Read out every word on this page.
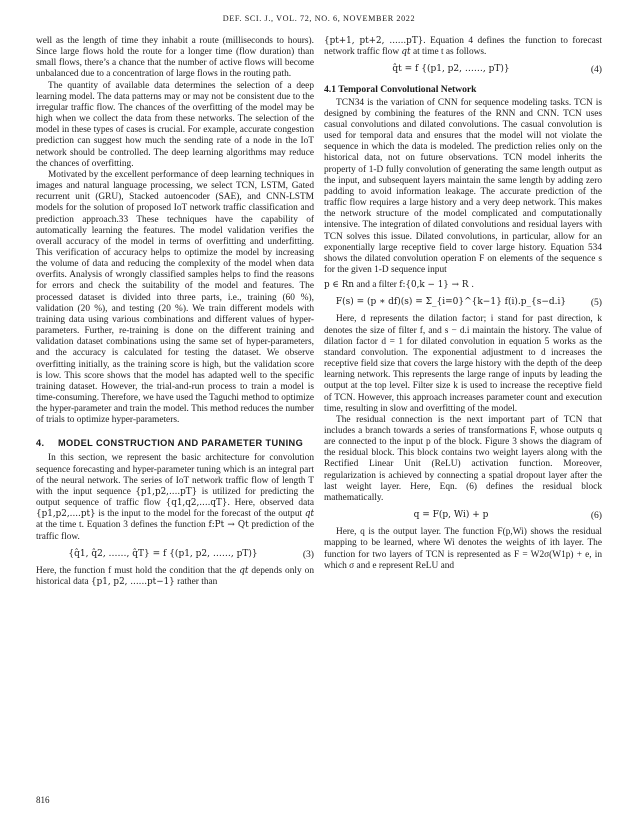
DEF. SCI. J., VOL. 72, NO. 6, NOVEMBER 2022

well as the length of time they inhabit a route (milliseconds to hours). Since large flows hold the route for a longer time (flow duration) than small flows, there’s a chance that the number of active flows will become unbalanced due to a concentration of large flows in the routing path.

The quantity of available data determines the selection of a deep learning model. The data patterns may or may not be consistent due to the irregular traffic flow. The chances of the overfitting of the model may be high when we collect the data from these networks. The selection of the model in these types of cases is crucial. For example, accurate congestion prediction can suggest how much the sending rate of a node in the IoT network should be controlled. The deep learning algorithms may reduce the chances of overfitting.

Motivated by the excellent performance of deep learning techniques in images and natural language processing, we select TCN, LSTM, Gated recurrent unit (GRU), Stacked autoencoder (SAE), and CNN-LSTM models for the solution of proposed IoT network traffic classification and prediction approach.33 These techniques have the capability of automatically learning the features. The model validation verifies the overall accuracy of the model in terms of overfitting and underfitting. This verification of accuracy helps to optimize the model by increasing the volume of data and reducing the complexity of the model when data overfits. Analysis of wrongly classified samples helps to find the reasons for errors and check the suitability of the model and features. The processed dataset is divided into three parts, i.e., training (60 %), validation (20 %), and testing (20 %). We train different models with training data using various combinations and different values of hyper-parameters. Further, re-training is done on the different training and validation dataset combinations using the same set of hyper-parameters, and the accuracy is calculated for testing the dataset. We observe overfitting initially, as the training score is high, but the validation score is low. This score shows that the model has adapted well to the specific training dataset. However, the trial-and-run process to train a model is time-consuming. Therefore, we have used the Taguchi method to optimize the hyper-parameter and train the model. This method reduces the number of trials to optimize hyper-parameters.

4. MODEL CONSTRUCTION AND PARAMETER TUNING

In this section, we represent the basic architecture for convolution sequence forecasting and hyper-parameter tuning which is an integral part of the neural network. The series of IoT network traffic flow of length T with the input sequence {p1,p2,....pT} is utilized for predicting the output sequence of traffic flow {q1,q2,....qT}. Here, observed data {p1,p2,....pt} is the input to the model for the forecast of the output qt at the time t. Equation 3 defines the function f:Pt → Qt prediction of the traffic flow.

{q̂1, q̂2, ……, q̂T} = f {(p1, p2, ……, pT)}	(3)

Here, the function f must hold the condition that the qt depends only on historical data {p1, p2, ......pt−1} rather than

{pt+1, pt+2, ......pT}. Equation 4 defines the function to forecast network traffic flow qt at time t as follows.

q̂t = f {(p1, p2, ……, pT)}	(4)
4.1 Temporal Convolutional Network

TCN34 is the variation of CNN for sequence modeling tasks. TCN is designed by combining the features of the RNN and CNN. TCN uses casual convolutions and dilated convolutions. The casual convolution is used for temporal data and ensures that the model will not violate the sequence in which the data is modeled. The prediction relies only on the historical data, not on future observations. TCN model inherits the property of 1-D fully convolution of generating the same length output as the input, and subsequent layers maintain the same length by adding zero padding to avoid information leakage. The accurate prediction of the traffic flow requires a large history and a very deep network. This makes the network structure of the model complicated and computationally intensive. The integration of dilated convolutions and residual layers with TCN solves this issue. Dilated convolutions, in particular, allow for an exponentially large receptive field to cover large history. Equation 534 shows the dilated convolution operation F on elements of the sequence s for the given 1-D sequence input

p ∈ Rn and a filter f:{0,k − 1} → R .

F(s) = (p ∗ df)(s) = Σ_{i=0}^{k−1} f(i).p_{s−d.i}	(5)

Here, d represents the dilation factor; i stand for past direction, k denotes the size of filter f, and s − d.i maintain the history. The value of dilation factor d = 1 for dilated convolution in equation 5 works as the standard convolution. The exponential adjustment to d increases the receptive field size that covers the large history with the depth of the deep learning network. This represents the large range of inputs by leading the output at the top level. Filter size k is used to increase the receptive field of TCN. However, this approach increases parameter count and execution time, resulting in slow and overfitting of the model.

The residual connection is the next important part of TCN that includes a branch towards a series of transformations F, whose outputs q are connected to the input p of the block. Figure 3 shows the diagram of the residual block. This block contains two weight layers along with the Rectified Linear Unit (ReLU) activation function. Moreover, regularization is achieved by connecting a spatial dropout layer after the last weight layer. Here, Eqn. (6) defines the residual block mathematically.

q = F(p, Wi) + p	(6)

Here, q is the output layer. The function F(p,Wi) shows the residual mapping to be learned, where Wi denotes the weights of ith layer. The function for two layers of TCN is represented as F = W2σ(W1p) + e, in which σ and e represent ReLU and

816
